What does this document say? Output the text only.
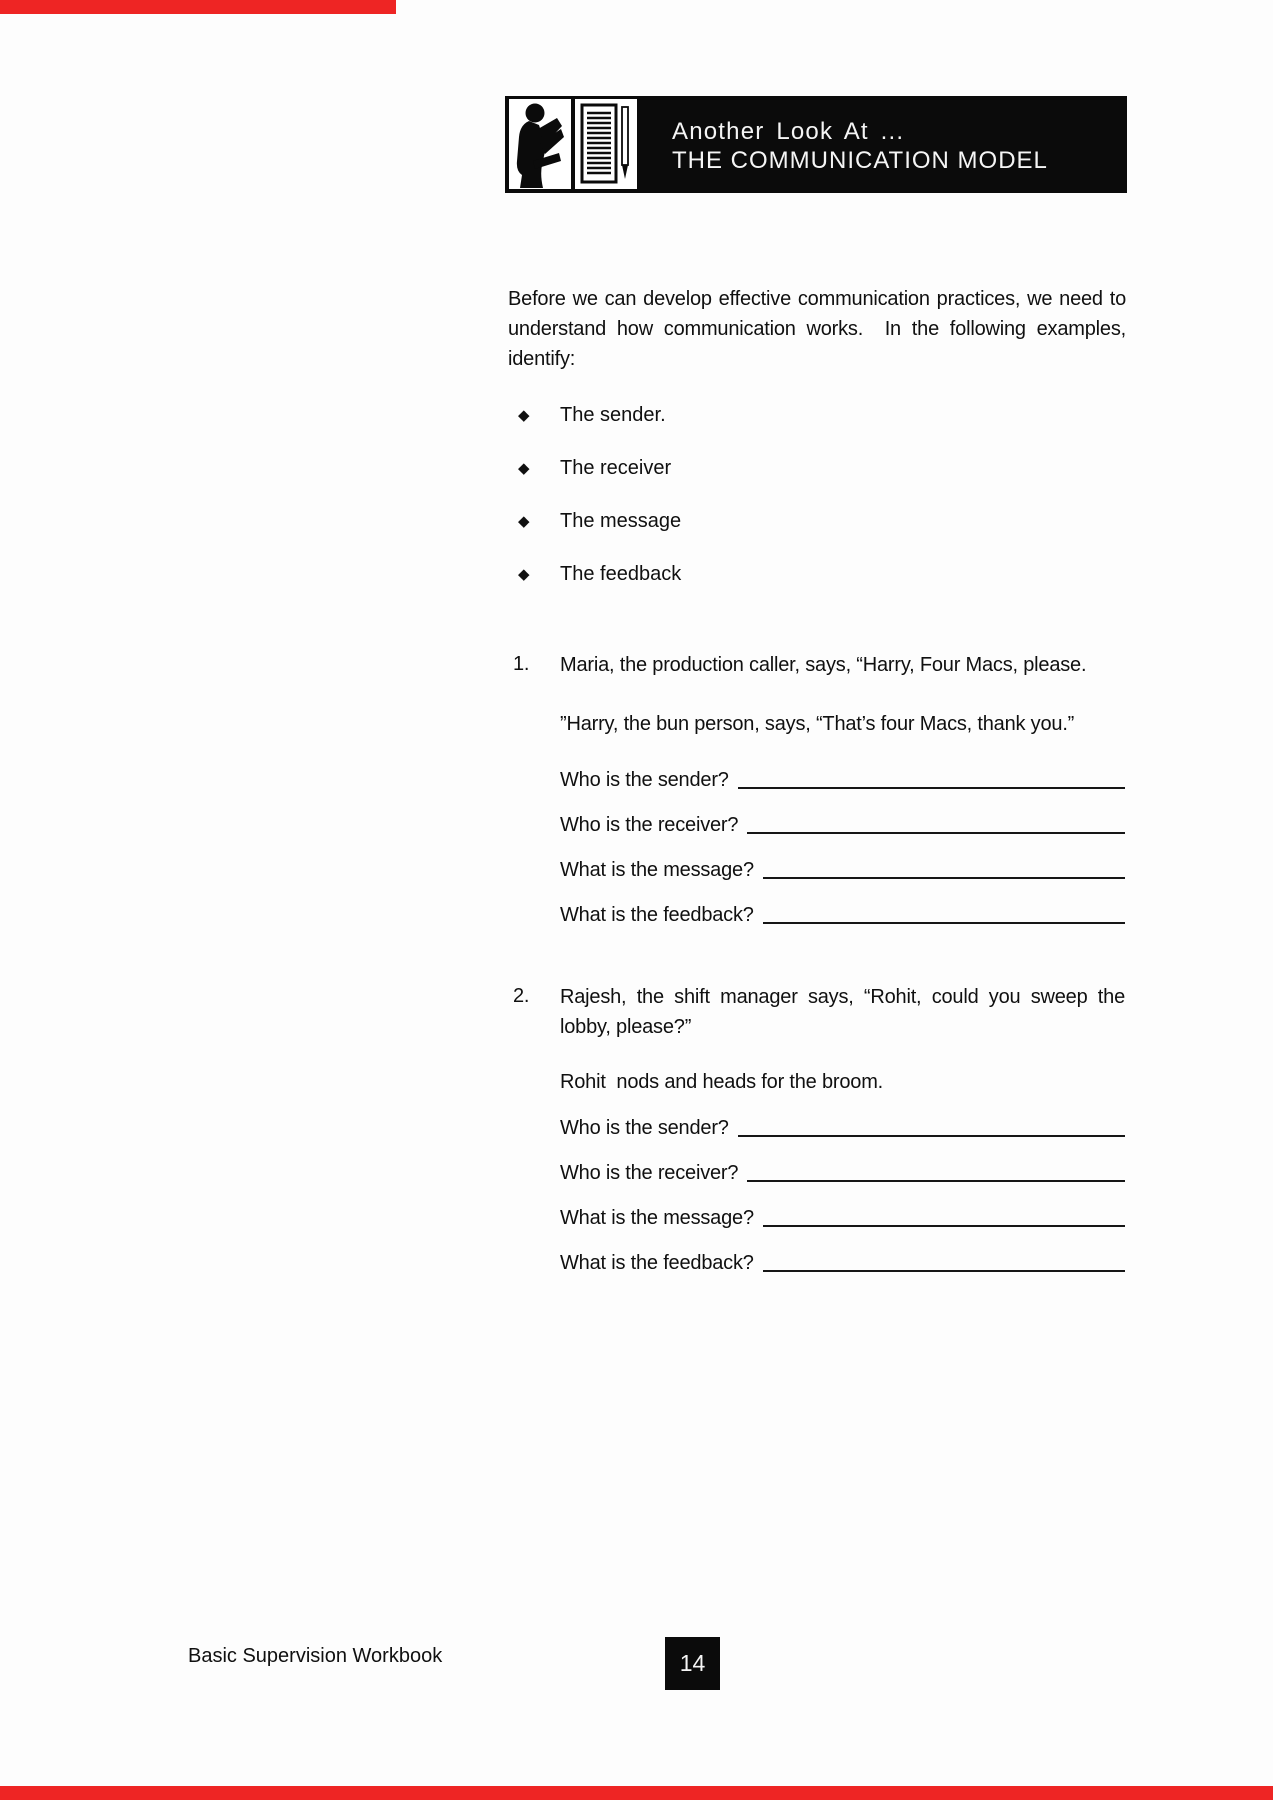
Another Look At ...
THE COMMUNICATION MODEL
Before we can develop effective communication practices, we need to
understand how communication works.  In the following examples,
identify:
◆	The sender.
◆	The receiver
◆	The message
◆	The feedback
1. Maria, the production caller, says, “Harry, Four Macs, please.
”Harry, the bun person, says, “That’s four Macs, thank you.”
Who is the sender?
Who is the receiver?
What is the message?
What is the feedback?
2. Rajesh, the shift manager says, “Rohit, could you sweep the
lobby, please?”
Rohit  nods and heads for the broom.
Who is the sender?
Who is the receiver?
What is the message?
What is the feedback?
Basic Supervision Workbook	14
